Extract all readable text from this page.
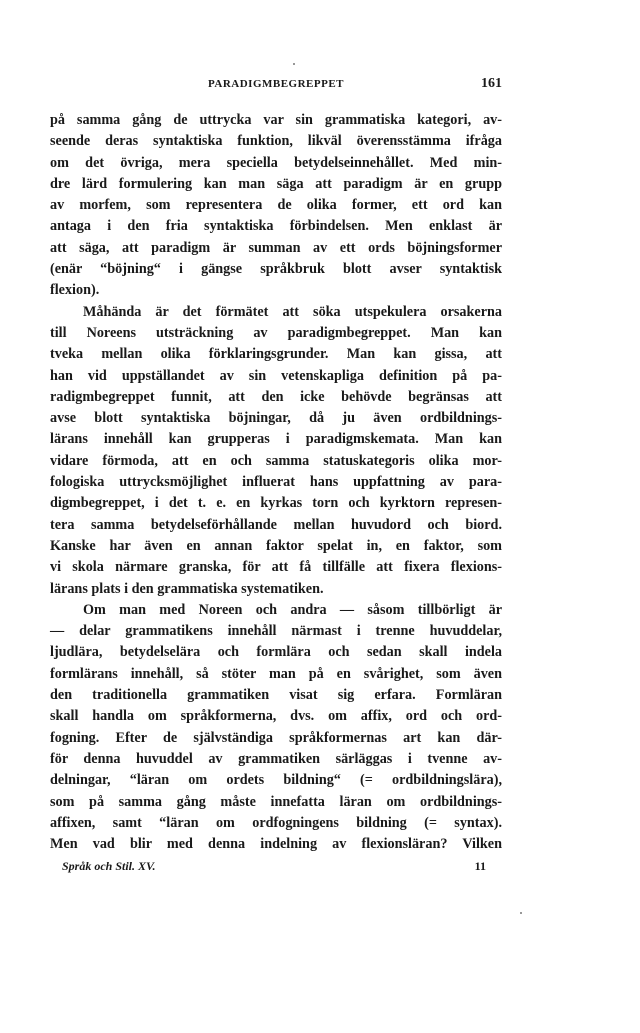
PARADIGMBEGREPPET	161
på samma gång de uttrycka var sin grammatiska kategori, av-
seende deras syntaktiska funktion, likväl överensstämma ifråga
om det övriga, mera speciella betydelseinnehållet. Med min-
dre lärd formulering kan man säga att paradigm är en grupp
av morfem, som representera de olika former, ett ord kan
antaga i den fria syntaktiska förbindelsen. Men enklast är
att säga, att paradigm är summan av ett ords böjningsformer
(enär “böjning“ i gängse språkbruk blott avser syntaktisk
flexion).
Måhända är det förmätet att söka utspekulera orsakerna
till Noreens utsträckning av paradigmbegreppet. Man kan
tveka mellan olika förklaringsgrunder. Man kan gissa, att
han vid uppställandet av sin vetenskapliga definition på pa-
radigmbegreppet funnit, att den icke behövde begränsas att
avse blott syntaktiska böjningar, då ju även ordbildnings-
lärans innehåll kan grupperas i paradigmskemata. Man kan
vidare förmoda, att en och samma statuskategoris olika mor-
fologiska uttrycksmöjlighet influerat hans uppfattning av para-
digmbegreppet, i det t. e. en kyrkas torn och kyrktorn represen-
tera samma betydelseförhållande mellan huvudord och biord.
Kanske har även en annan faktor spelat in, en faktor, som
vi skola närmare granska, för att få tillfälle att fixera flexions-
lärans plats i den grammatiska systematiken.
Om man med Noreen och andra — såsom tillbörligt är
— delar grammatikens innehåll närmast i trenne huvuddelar,
ljudlära, betydelselära och formlära och sedan skall indela
formlärans innehåll, så stöter man på en svårighet, som även
den traditionella grammatiken visat sig erfara. Formläran
skall handla om språkformerna, dvs. om affix, ord och ord-
fogning. Efter de självständiga språkformernas art kan där-
för denna huvuddel av grammatiken särläggas i tvenne av-
delningar, “läran om ordets bildning“ (= ordbildningslära),
som på samma gång måste innefatta läran om ordbildnings-
affixen, samt “läran om ordfogningens bildning (= syntax).
Men vad blir med denna indelning av flexionsläran? Vilken
Språk och Stil. XV.	11
